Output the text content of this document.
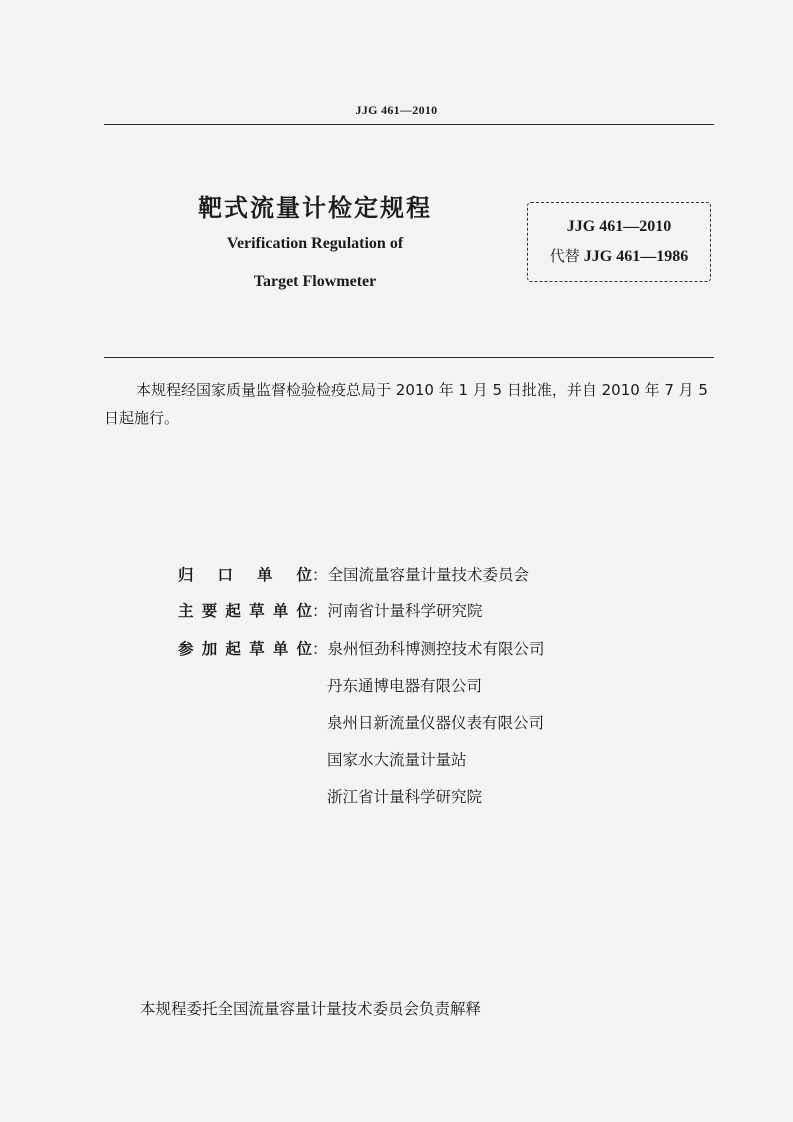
JJG 461—2010
靶式流量计检定规程
Verification Regulation of
Target Flowmeter
JJG 461—2010
代替 JJG 461—1986
本规程经国家质量监督检验检疫总局于 2010 年 1 月 5 日批准，并自 2010 年 7 月 5 日起施行。
归 口 单 位 ：全国流量容量计量技术委员会
主要起草单位 ：河南省计量科学研究院
参加起草单位 ：泉州恒劲科博测控技术有限公司
丹东通博电器有限公司
泉州日新流量仪器仪表有限公司
国家水大流量计量站
浙江省计量科学研究院
本规程委托全国流量容量计量技术委员会负责解释
